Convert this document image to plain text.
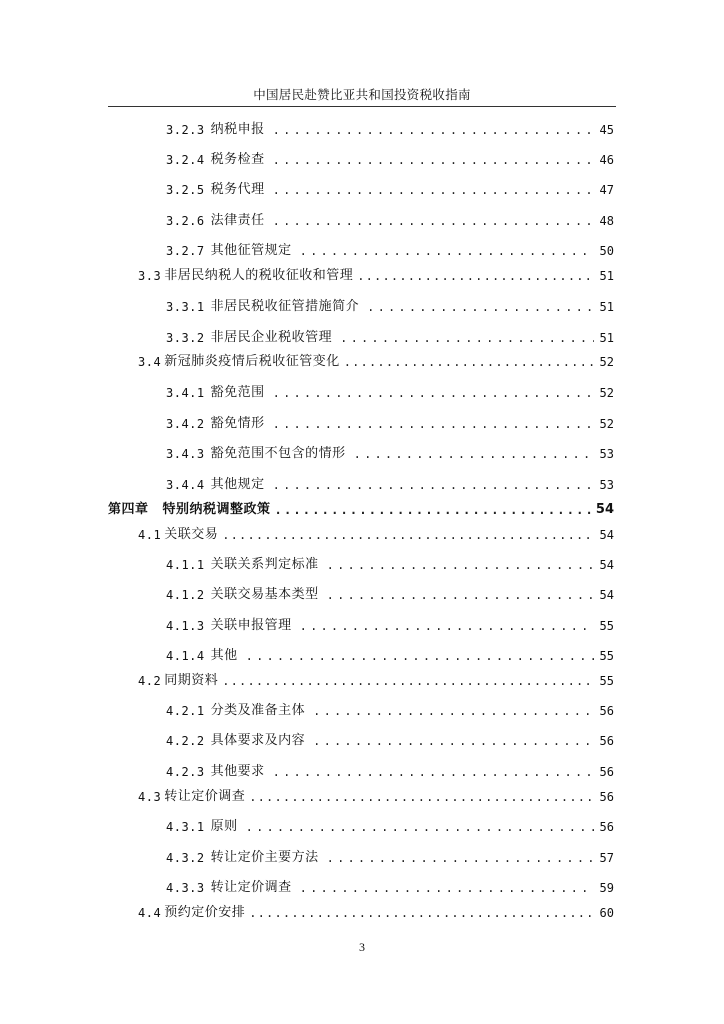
中国居民赴赞比亚共和国投资税收指南
3.2.3 纳税申报 .....	45
3.2.4 税务检查 .....	46
3.2.5 税务代理 .....	47
3.2.6 法律责任 .....	48
3.2.7 其他征管规定 .....	50
3.3 非居民纳税人的税收征收和管理 .....	51
3.3.1 非居民税收征管措施简介 .....	51
3.3.2 非居民企业税收管理 .....	51
3.4 新冠肺炎疫情后税收征管变化 .....	52
3.4.1 豁免范围 .....	52
3.4.2 豁免情形 .....	52
3.4.3 豁免范围不包含的情形 .....	53
3.4.4 其他规定 .....	53
第四章 特别纳税调整政策 .....	54
4.1 关联交易 .....	54
4.1.1 关联关系判定标准 .....	54
4.1.2 关联交易基本类型 .....	54
4.1.3 关联申报管理 .....	55
4.1.4 其他 .....	55
4.2 同期资料 .....	55
4.2.1 分类及准备主体 .....	56
4.2.2 具体要求及内容 .....	56
4.2.3 其他要求 .....	56
4.3 转让定价调查 .....	56
4.3.1 原则 .....	56
4.3.2 转让定价主要方法 .....	57
4.3.3 转让定价调查 .....	59
4.4 预约定价安排 .....	60
3
